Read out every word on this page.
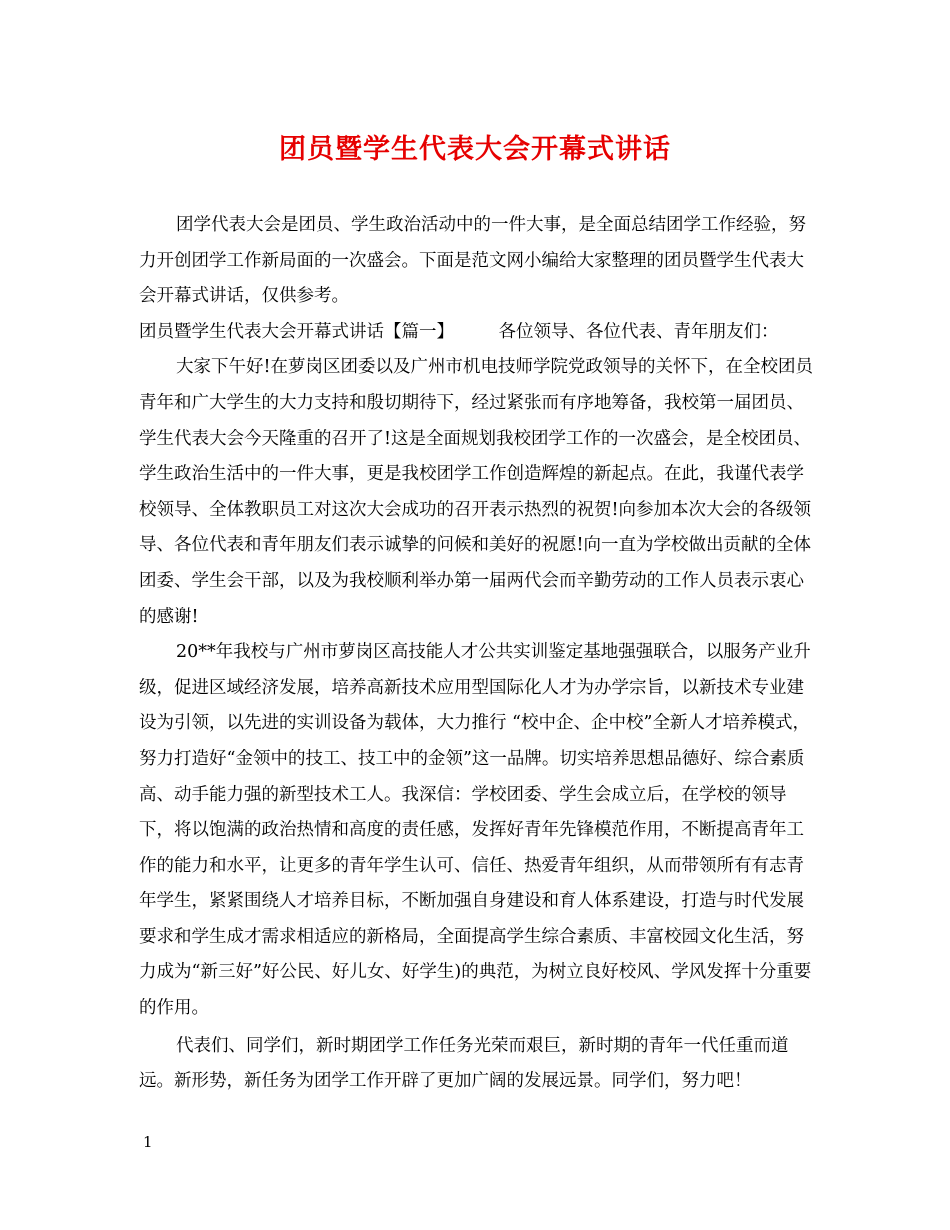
团员暨学生代表大会开幕式讲话

团学代表大会是团员、学生政治活动中的一件大事，是全面总结团学工作经验，努力开创团学工作新局面的一次盛会。下面是范文网小编给大家整理的团员暨学生代表大会开幕式讲话，仅供参考。

团员暨学生代表大会开幕式讲话【篇一】	各位领导、各位代表、青年朋友们：

大家下午好!在萝岗区团委以及广州市机电技师学院党政领导的关怀下，在全校团员青年和广大学生的大力支持和殷切期待下，经过紧张而有序地筹备，我校第一届团员、学生代表大会今天隆重的召开了!这是全面规划我校团学工作的一次盛会，是全校团员、学生政治生活中的一件大事，更是我校团学工作创造辉煌的新起点。在此，我谨代表学校领导、全体教职员工对这次大会成功的召开表示热烈的祝贺!向参加本次大会的各级领导、各位代表和青年朋友们表示诚挚的问候和美好的祝愿!向一直为学校做出贡献的全体团委、学生会干部，以及为我校顺利举办第一届两代会而辛勤劳动的工作人员表示衷心的感谢!

20**年我校与广州市萝岗区高技能人才公共实训鉴定基地强强联合，以服务产业升级，促进区域经济发展，培养高新技术应用型国际化人才为办学宗旨，以新技术专业建设为引领，以先进的实训设备为载体，大力推行 “校中企、企中校”全新人才培养模式，努力打造好“金领中的技工、技工中的金领”这一品牌。切实培养思想品德好、综合素质高、动手能力强的新型技术工人。我深信：学校团委、学生会成立后，在学校的领导下，将以饱满的政治热情和高度的责任感，发挥好青年先锋模范作用，不断提高青年工作的能力和水平，让更多的青年学生认可、信任、热爱青年组织，从而带领所有有志青年学生，紧紧围绕人才培养目标，不断加强自身建设和育人体系建设，打造与时代发展要求和学生成才需求相适应的新格局，全面提高学生综合素质、丰富校园文化生活，努力成为“新三好”好公民、好儿女、好学生)的典范，为树立良好校风、学风发挥十分重要的作用。

代表们、同学们，新时期团学工作任务光荣而艰巨，新时期的青年一代任重而道远。新形势，新任务为团学工作开辟了更加广阔的发展远景。同学们，努力吧！

1
